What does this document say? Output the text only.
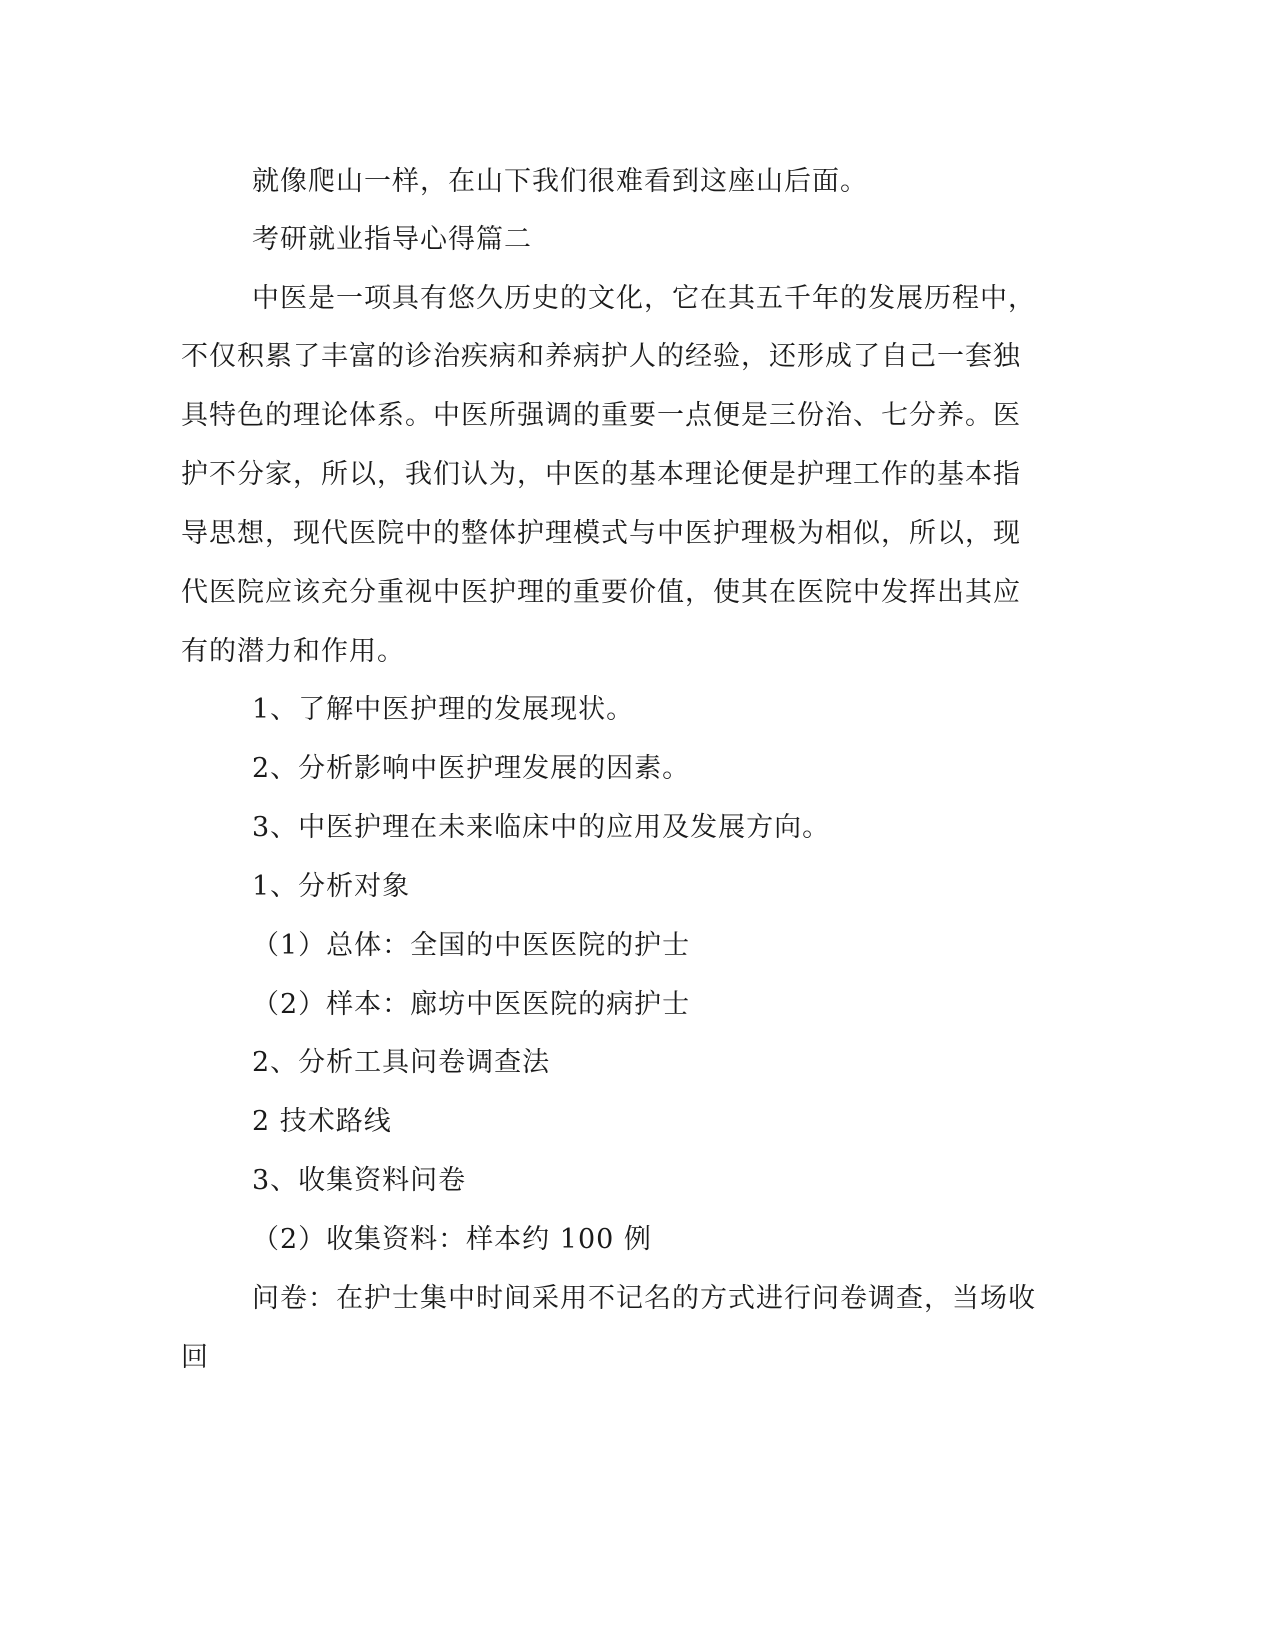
就像爬山一样，在山下我们很难看到这座山后面。
考研就业指导心得篇二
中医是一项具有悠久历史的文化，它在其五千年的发展历程中，
不仅积累了丰富的诊治疾病和养病护人的经验，还形成了自己一套独
具特色的理论体系。中医所强调的重要一点便是三份治、七分养。医
护不分家，所以，我们认为，中医的基本理论便是护理工作的基本指
导思想，现代医院中的整体护理模式与中医护理极为相似，所以，现
代医院应该充分重视中医护理的重要价值，使其在医院中发挥出其应
有的潜力和作用。
1、了解中医护理的发展现状。
2、分析影响中医护理发展的因素。
3、中医护理在未来临床中的应用及发展方向。
1、分析对象
（1）总体：全国的中医医院的护士
（2）样本：廊坊中医医院的病护士
2、分析工具问卷调查法
2 技术路线
3、收集资料问卷
（2）收集资料：样本约 100 例
问卷：在护士集中时间采用不记名的方式进行问卷调查，当场收
回
